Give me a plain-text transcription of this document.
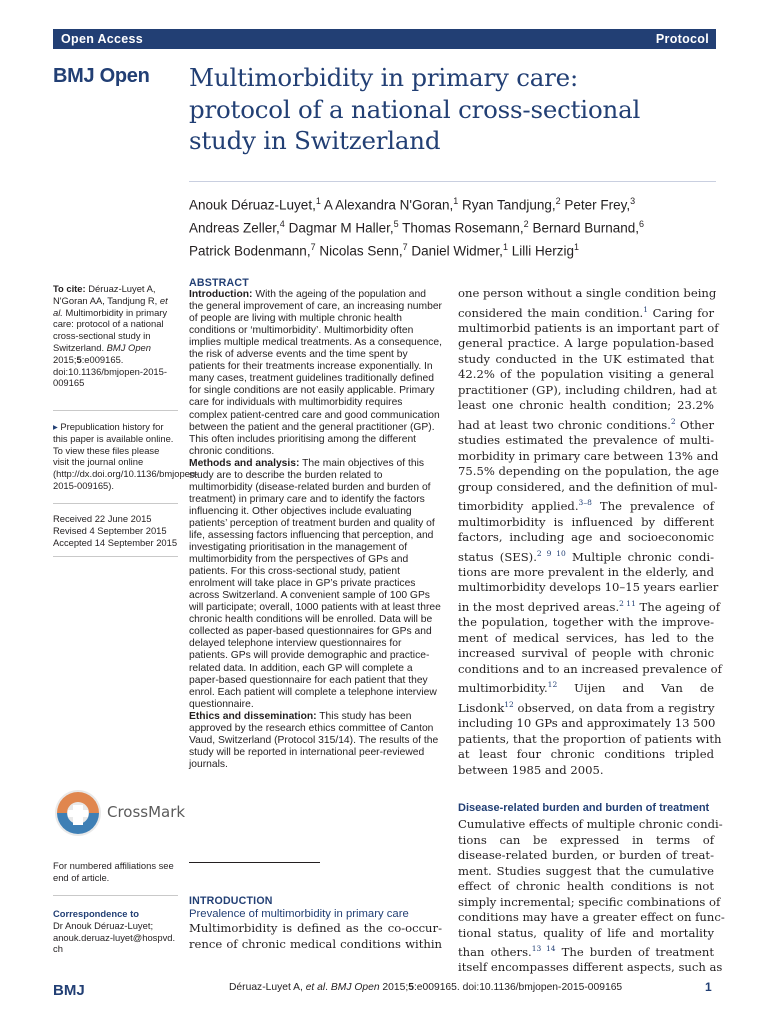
Open Access	Protocol
BMJ Open Multimorbidity in primary care:
protocol of a national cross-sectional
study in Switzerland
Anouk Déruaz-Luyet,$^1$ A Alexandra N'Goran,$^1$ Ryan Tandjung,$^2$ Peter Frey,$^3$
Andreas Zeller,$^4$ Dagmar M Haller,$^5$ Thomas Rosemann,$^2$ Bernard Burnand,$^6$
Patrick Bodenmann,$^7$ Nicolas Senn,$^7$ Daniel Widmer,$^1$ Lilli Herzig$^1$
To cite: Déruaz-Luyet A, N'Goran AA, Tandjung R, et al. Multimorbidity in primary care: protocol of a national cross-sectional study in Switzerland. BMJ Open 2015;5:e009165. doi:10.1136/bmjopen-2015-009165
▸ Prepublication history for this paper is available online. To view these files please visit the journal online (http://dx.doi.org/10.1136/bmjopen-2015-009165).
Received 22 June 2015
Revised 4 September 2015
Accepted 14 September 2015
CrossMark
For numbered affiliations see end of article.
Correspondence to
Dr Anouk Déruaz-Luyet;
anouk.deruaz-luyet@hospvd.ch
ABSTRACT
Introduction: With the ageing of the population and the general improvement of care, an increasing number of people are living with multiple chronic health conditions or ‘multimorbidity’. Multimorbidity often implies multiple medical treatments. As a consequence, the risk of adverse events and the time spent by patients for their treatments increase exponentially. In many cases, treatment guidelines traditionally defined for single conditions are not easily applicable. Primary care for individuals with multimorbidity requires complex patient-centred care and good communication between the patient and the general practitioner (GP). This often includes prioritising among the different chronic conditions.
Methods and analysis: The main objectives of this study are to describe the burden related to multimorbidity (disease-related burden and burden of treatment) in primary care and to identify the factors influencing it. Other objectives include evaluating patients’ perception of treatment burden and quality of life, assessing factors influencing that perception, and investigating prioritisation in the management of multimorbidity from the perspectives of GPs and patients. For this cross-sectional study, patient enrolment will take place in GP’s private practices across Switzerland. A convenient sample of 100 GPs will participate; overall, 1000 patients with at least three chronic health conditions will be enrolled. Data will be collected as paper-based questionnaires for GPs and delayed telephone interview questionnaires for patients. GPs will provide demographic and practice-related data. In addition, each GP will complete a paper-based questionnaire for each patient that they enrol. Each patient will complete a telephone interview questionnaire.
Ethics and dissemination: This study has been approved by the research ethics committee of Canton Vaud, Switzerland (Protocol 315/14). The results of the study will be reported in international peer-reviewed journals.
INTRODUCTION
Prevalence of multimorbidity in primary care
Multimorbidity is defined as the co-occur-
rence of chronic medical conditions within
one person without a single condition being
considered the main condition.$^1$ Caring for
multimorbid patients is an important part of
general practice. A large population-based
study conducted in the UK estimated that
42.2% of the population visiting a general
practitioner (GP), including children, had at
least one chronic health condition; 23.2%
had at least two chronic conditions.$^2$ Other
studies estimated the prevalence of multi-
morbidity in primary care between 13% and
75.5% depending on the population, the age
group considered, and the definition of mul-
timorbidity applied.$^{3-8}$ The prevalence of
multimorbidity is influenced by different
factors, including age and socioeconomic
status (SES).$^{2 9 10}$ Multiple chronic condi-
tions are more prevalent in the elderly, and
multimorbidity develops 10–15 years earlier
in the most deprived areas.$^{2 11}$ The ageing of
the population, together with the improve-
ment of medical services, has led to the
increased survival of people with chronic
conditions and to an increased prevalence of
multimorbidity.$^{12}$ Uijen and Van de
Lisdonk$^{12}$ observed, on data from a registry
including 10 GPs and approximately 13 500
patients, that the proportion of patients with
at least four chronic conditions tripled
between 1985 and 2005.
Disease-related burden and burden of treatment
Cumulative effects of multiple chronic condi-
tions can be expressed in terms of
disease-related burden, or burden of treat-
ment. Studies suggest that the cumulative
effect of chronic health conditions is not
simply incremental; specific combinations of
conditions may have a greater effect on func-
tional status, quality of life and mortality
than others.$^{13 14}$ The burden of treatment
itself encompasses different aspects, such as
BMJ	Déruaz-Luyet A, et al. BMJ Open 2015;5:e009165. doi:10.1136/bmjopen-2015-009165	1
